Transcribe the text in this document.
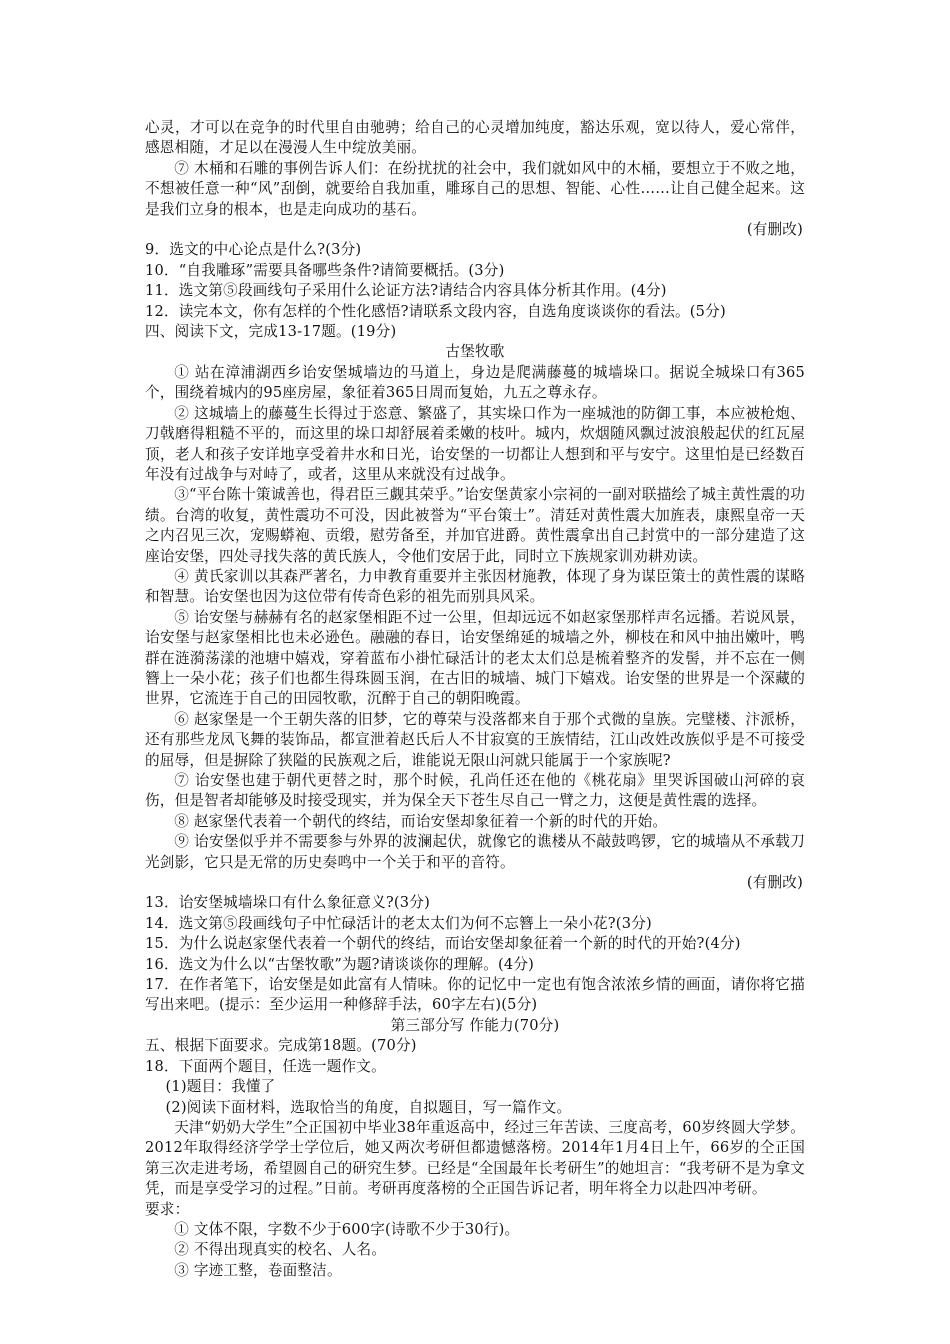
心灵，才可以在竞争的时代里自由驰骋；给自己的心灵增加纯度，豁达乐观，宽以待人，爱心常伴，感恩相随，才足以在漫漫人生中绽放美丽。

⑦ 木桶和石雕的事例告诉人们：在纷扰扰的社会中，我们就如风中的木桶，要想立于不败之地，不想被任意一种“风”刮倒，就要给自我加重，雕琢自己的思想、智能、心性……让自己健全起来。这是我们立身的根本，也是走向成功的基石。

(有删改)

9．选文的中心论点是什么?(3分)

10．“自我雕琢”需要具备哪些条件?请简要概括。(3分)

11．选文第⑤段画线句子采用什么论证方法?请结合内容具体分析其作用。(4分)

12．读完本文，你有怎样的个性化感悟?请联系文段内容，自选角度谈谈你的看法。(5分)

四、阅读下文，完成13-17题。(19分)

古堡牧歌

① 站在漳浦湖西乡诒安堡城墙边的马道上，身边是爬满藤蔓的城墙垛口。据说全城垛口有365个，围绕着城内的95座房屋，象征着365日周而复始，九五之尊永存。

② 这城墙上的藤蔓生长得过于恣意、繁盛了，其实垛口作为一座城池的防御工事，本应被枪炮、刀戟磨得粗糙不平的，而这里的垛口却舒展着柔嫩的枝叶。城内，炊烟随风飘过波浪般起伏的红瓦屋顶，老人和孩子安详地享受着井水和日光，诒安堡的一切都让人想到和平与安宁。这里怕是已经数百年没有过战争与对峙了，或者，这里从来就没有过战争。

③“平台陈十策诚善也，得君臣三觑其荣乎。”诒安堡黄家小宗祠的一副对联描绘了城主黄性震的功绩。台湾的收复，黄性震功不可没，因此被誉为“平台策士”。清廷对黄性震大加旌表，康熙皇帝一天之内召见三次，宠赐蟒袍、贡缎，慰劳备至，并加官进爵。黄性震拿出自己封赏中的一部分建造了这座诒安堡，四处寻找失落的黄氏族人，令他们安居于此，同时立下族规家训劝耕劝读。

④ 黄氏家训以其森严著名，力申教育重要并主张因材施教，体现了身为谋臣策士的黄性震的谋略和智慧。诒安堡也因为这位带有传奇色彩的祖先而别具风采。

⑤ 诒安堡与赫赫有名的赵家堡相距不过一公里，但却远远不如赵家堡那样声名远播。若说风景，诒安堡与赵家堡相比也未必逊色。融融的春日，诒安堡绵延的城墙之外，柳枝在和风中抽出嫩叶，鸭群在涟漪荡漾的池塘中嬉戏，穿着蓝布小褂忙碌活计的老太太们总是梳着整齐的发髻，并不忘在一侧簪上一朵小花；孩子们也都生得珠圆玉润，在古旧的城墙、城门下嬉戏。诒安堡的世界是一个深藏的世界，它流连于自己的田园牧歌，沉醉于自己的朝阳晚霞。

⑥ 赵家堡是一个王朝失落的旧梦，它的尊荣与没落都来自于那个式微的皇族。完璧楼、汴派桥，还有那些龙凤飞舞的装饰品，都宣泄着赵氏后人不甘寂寞的王族情结，江山改姓改族似乎是不可接受的屈辱，但是摒除了狭隘的民族观之后，谁能说无限山河就只能属于一个家族呢?

⑦ 诒安堡也建于朝代更替之时，那个时候，孔尚任还在他的《桃花扇》里哭诉国破山河碎的哀伤，但是智者却能够及时接受现实，并为保全天下苍生尽自己一臂之力，这便是黄性震的选择。

⑧ 赵家堡代表着一个朝代的终结，而诒安堡却象征着一个新的时代的开始。

⑨ 诒安堡似乎并不需要参与外界的波澜起伏，就像它的谯楼从不敲鼓鸣锣，它的城墙从不承载刀光剑影，它只是无常的历史奏鸣中一个关于和平的音符。

(有删改)

13．诒安堡城墙垛口有什么象征意义?(3分)

14．选文第⑤段画线句子中忙碌活计的老太太们为何不忘簪上一朵小花?(3分)

15．为什么说赵家堡代表着一个朝代的终结，而诒安堡却象征着一个新的时代的开始?(4分)

16．选文为什么以“古堡牧歌”为题?请谈谈你的理解。(4分)

17．在作者笔下，诒安堡是如此富有人情味。你的记忆中一定也有饱含浓浓乡情的画面，请你将它描写出来吧。(提示：至少运用一种修辞手法，60字左右)(5分)

第三部分写 作能力(70分)

五、根据下面要求。完成第18题。(70分)

18．下面两个题目，任选一题作文。

(1)题目：我懂了

(2)阅读下面材料，选取恰当的角度，自拟题目，写一篇作文。

天津“奶奶大学生”仝正国初中毕业38年重返高中，经过三年苦读、三度高考，60岁终圆大学梦。2012年取得经济学学士学位后，她又两次考研但都遗憾落榜。2014年1月4日上午，66岁的仝正国第三次走进考场，希望圆自己的研究生梦。已经是“全国最年长考研生”的她坦言：“我考研不是为拿文凭，而是享受学习的过程。”日前。考研再度落榜的仝正国告诉记者，明年将全力以赴四冲考研。

要求：

① 文体不限，字数不少于600字(诗歌不少于30行)。

② 不得出现真实的校名、人名。

③ 字迹工整，卷面整洁。
